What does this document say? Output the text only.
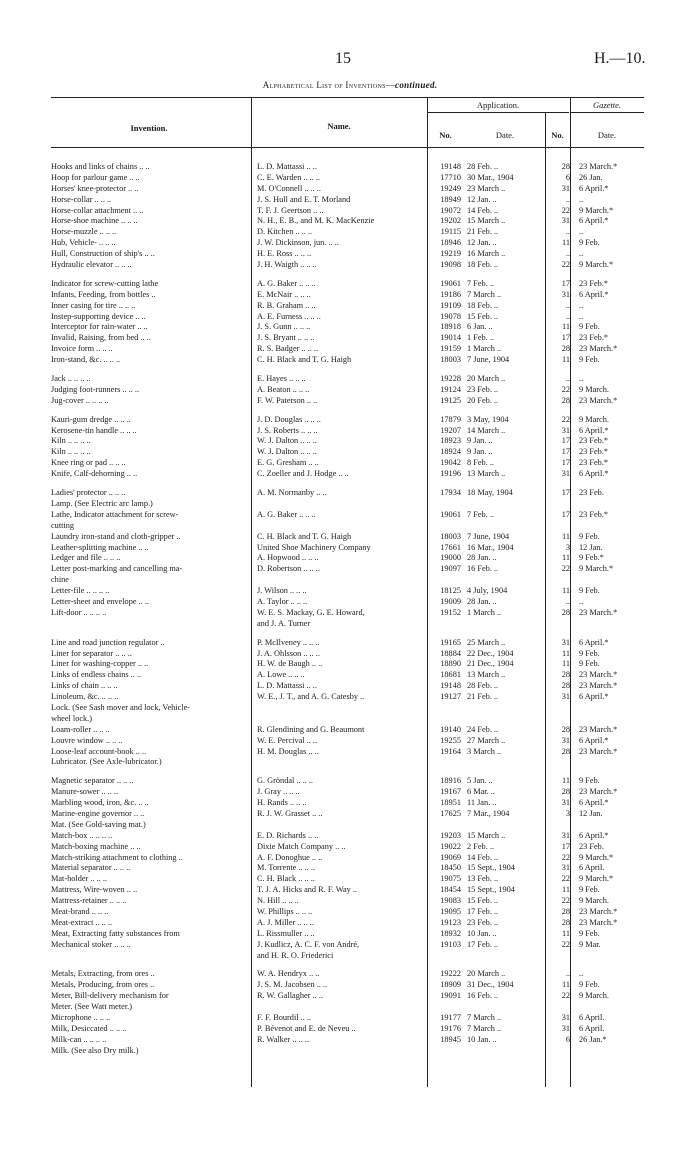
15	H.—10.
Alphabetical List of Inventions—continued.
Invention.	Name.
Application.	Gazette.
No.	Date.	No.	Date.
Hooks and links of chains .. ..	L. D. Mattassi .. ..	19148 28 Feb. ..	28 23 March.*
Hoop for parlour game .. ..	C. E. Warden .. .. ..	17710 30 Mar., 1904	6 26 Jan.
Horses' knee-protector .. ..	M. O'Connell .. .. ..	19249 23 March ..	31 6 April.*
Horse-collar .. .. ..	J. S. Hull and E. T. Morland	18949 12 Jan. ..	.. ..
Horse-collar attachment .. ..	T. F. J. Geertson .. ..	19072 14 Feb. ..	22 9 March.*
Horse-shoe machine .. .. ..	N. H., E. B., and M. K. MacKenzie	19202 15 March ..	31 6 April.*
Horse-muzzle .. .. ..	D. Kitchen .. .. ..	19115 21 Feb. ..	.. ..
Hub, Vehicle- .. .. ..	J. W. Dickinson, jun. .. ..	18946 12 Jan. ..	11 9 Feb.
Hull, Construction of ship's .. ..	H. E. Ross .. .. ..	19219 16 March ..	.. ..
Hydraulic elevator .. .. ..	J. H. Waigth .. .. ..	19098 18 Feb. ..	22 9 March.*
Indicator for screw-cutting lathe	A. G. Baker .. .. ..	19061 7 Feb. ..	17 23 Feb.*
Infants, Feeding, from bottles ..	E. McNair .. .. ..	19186 7 March ..	31 6 April.*
Inner casing for tire .. .. ..	R. B. Graham .. ..	19109 18 Feb. ..	.. ..
Instep-supporting device .. ..	A. E. Furness .. .. ..	19078 15 Feb. ..	.. ..
Interceptor for rain-water .. ..	J. S. Gunn .. .. ..	18918 6 Jan. ..	11 9 Feb.
Invalid, Raising, from bed .. ..	J. S. Bryant .. .. ..	19014 1 Feb. ..	17 23 Feb.*
Invoice form .. .. ..	R. S. Badger .. .. ..	19159 1 March ..	28 23 March.*
Iron-stand, &c. .. .. ..	C. H. Black and T. G. Haigh	18003 7 June, 1904	11 9 Feb.
Jack .. .. .. ..	E. Hayes .. .. ..	19228 20 March ..	.. ..
Judging foot-runners .. .. ..	A. Beaton .. .. ..	19124 23 Feb. ..	22 9 March.
Jug-cover .. .. .. ..	F. W. Paterson .. ..	19125 20 Feb. ..	28 23 March.*
Kauri-gum dredge .. .. ..	J. D. Douglas .. .. ..	17879 3 May, 1904	22 9 March.
Kerosene-tin handle .. .. ..	J. S. Roberts .. .. ..	19207 14 March ..	31 6 April.*
Kiln .. .. .. ..	W. J. Dalton .. .. ..	18923 9 Jan. ..	17 23 Feb.*
Kiln .. .. .. ..	W. J. Dalton .. .. ..	18924 9 Jan. ..	17 23 Feb.*
Knee ring or pad .. .. ..	E. G. Gresham .. ..	19042 8 Feb. ..	17 23 Feb.*
Knife, Calf-dehorning .. ..	C. Zoeller and J. Hodge .. ..	19196 13 March ..	31 6 April.*
Ladies' protector .. .. ..	A. M. Normanby .. ..	17934 18 May, 1904	17 23 Feb.
Lamp. (See Electric arc lamp.)
Lathe, Indicator attachment for screw-	A. G. Baker .. .. ..	19061 7 Feb. ..	17 23 Feb.*
cutting
Laundry iron-stand and cloth-gripper ..	C. H. Black and T. G. Haigh	18003 7 June, 1904	11 9 Feb.
Leather-splitting machine .. ..	United Shoe Machinery Company	17661 16 Mar., 1904	3 12 Jan.
Ledger and file .. .. ..	A. Hopwood .. .. ..	19000 28 Jan. ..	11 9 Feb.*
Letter post-marking and cancelling ma-	D. Robertson .. .. ..	19097 16 Feb. ..	22 9 March.*
chine
Letter-file .. .. .. ..	J. Wilson .. .. ..	18125 4 July, 1904	11 9 Feb.
Letter-sheet and envelope .. ..	A. Taylor .. .. ..	19009 28 Jan. ..	.. ..
Lift-door .. .. .. ..	W. E. S. Mackay, G. E. Howard,	19152 1 March ..	28 23 March.*
and J. A. Turner
Line and road junction regulator ..	P. McIlveney .. .. ..	19165 25 March ..	31 6 April.*
Liner for separator .. .. ..	J. A. Ohlsson .. .. ..	18884 22 Dec., 1904	11 9 Feb.
Liner for washing-copper .. ..	H. W. de Baugh .. ..	18890 21 Dec., 1904	11 9 Feb.
Links of endless chains .. ..	A. Lowe .. .. ..	18681 13 March ..	28 23 March.*
Links of chain .. .. ..	L. D. Mattassi .. ..	19148 28 Feb. ..	28 23 March.*
Linoleum, &c. .. .. ..	W. E., J. T., and A. G. Catesby ..	19127 21 Feb. ..	31 6 April.*
Lock. (See Sash mover and lock, Vehicle-
wheel lock.)
Loam-roller .. .. ..	R. Glendining and G. Beaumont	19140 24 Feb. ..	28 23 March.*
Louvre window .. .. ..	W. E. Percival .. ..	19255 27 March ..	31 6 April.*
Loose-leaf account-book .. ..	H. M. Douglas .. ..	19164 3 March ..	28 23 March.*
Lubricator. (See Axle-lubricator.)
Magnetic separator .. .. ..	G. Gröndal .. .. ..	18916 5 Jan. ..	11 9 Feb.
Manure-sower .. .. ..	J. Gray .. .. ..	19167 6 Mar. ..	28 23 March.*
Marbling wood, iron, &c. .. ..	H. Rands .. .. ..	18951 11 Jan. ..	31 6 April.*
Marine-engine governor .. ..	R. J. W. Grasset .. ..	17625 7 Mar., 1904	3 12 Jan.
Mat. (See Gold-saving mat.)
Match-box .. .. .. ..	E. D. Richards .. ..	19203 15 March ..	31 6 April.*
Match-boxing machine .. ..	Dixie Match Company .. ..	19022 2 Feb. ..	17 23 Feb.
Match-striking attachment to clothing ..	A. F. Donoghue .. ..	19069 14 Feb. ..	22 9 March.*
Material separator .. .. ..	M. Torrente .. .. ..	18450 15 Sept., 1904	31 6 April.
Mat-holder .. .. ..	C. H. Black .. .. ..	19075 13 Feb. ..	22 9 March.*
Mattress, Wire-woven .. ..	T. J. A. Hicks and R. F. Way ..	18454 15 Sept., 1904	11 9 Feb.
Mattress-retainer .. .. ..	N. Hill .. .. ..	19083 15 Feb. ..	22 9 March.
Meat-brand .. .. ..	W. Phillips .. .. ..	19095 17 Feb. ..	28 23 March.*
Meat-extract .. .. ..	A. J. Miller .. .. ..	19123 23 Feb. ..	28 23 March.*
Meat, Extracting fatty substances from	L. Rissmuller .. ..	18932 10 Jan. ..	11 9 Feb.
Mechanical stoker .. .. ..	J. Kudlicz, A. C. F. von André,	19103 17 Feb. ..	22 9 Mar.
and H. R. O. Friederici
Metals, Extracting, from ores ..	W. A. Hendryx .. ..	19222 20 March ..	.. ..
Metals, Producing, from ores ..	J. S. M. Jacobsen .. ..	18909 31 Dec., 1904	11 9 Feb.
Meter, Bill-delivery mechanism for	R. W. Gallagher .. ..	19091 16 Feb. ..	22 9 March.
Meter. (See Watt meter.)
Microphone .. .. ..	F. F. Bourdil .. ..	19177 7 March ..	31 6 April.
Milk, Desiccated .. .. ..	P. Bévenot and E. de Neveu ..	19176 7 March ..	31 6 April.
Milk-can .. .. .. ..	R. Walker .. .. ..	18945 10 Jan. ..	6 26 Jan.*
Milk. (See also Dry milk.)
